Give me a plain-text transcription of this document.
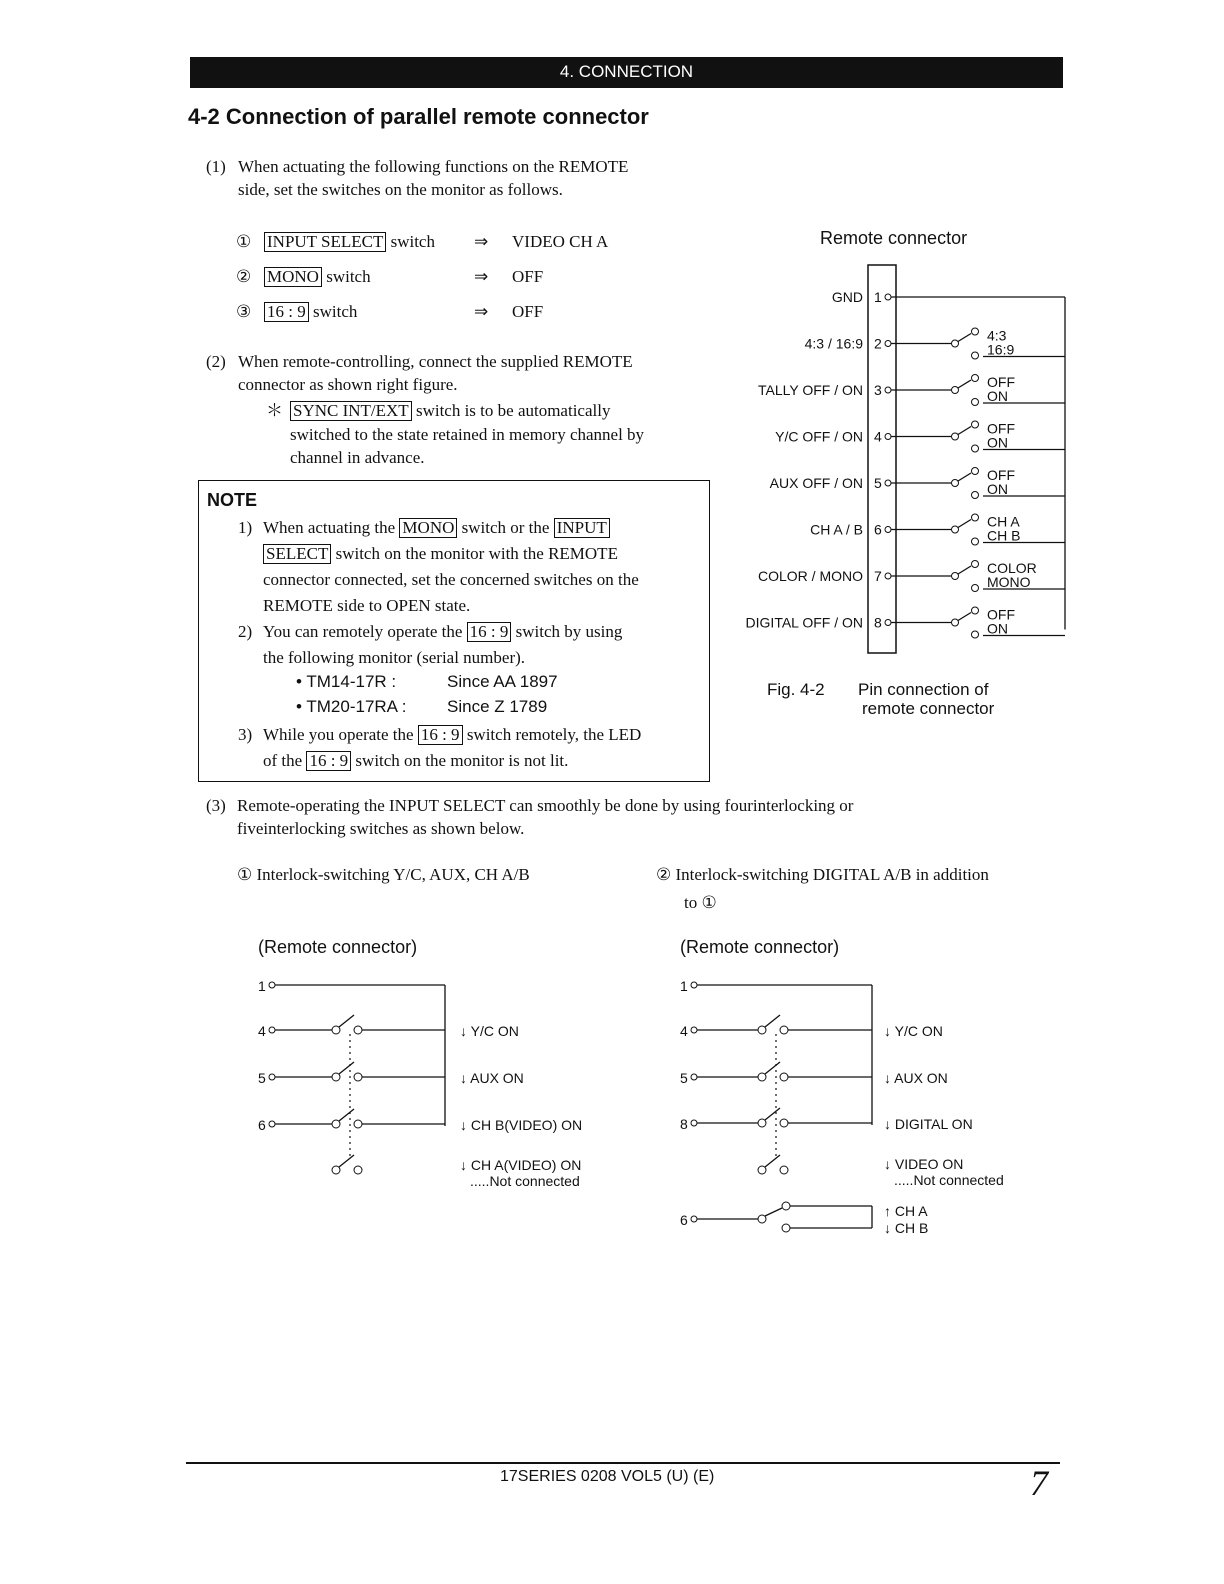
4. CONNECTION
4-2 Connection of parallel remote connector
(1) When actuating the following functions on the REMOTE
side, set the switches on the monitor as follows.
① INPUT SELECT switch ⇒ VIDEO CH A
② MONO switch	⇒ OFF
③ 16 : 9 switch	⇒ OFF
(2) When remote-controlling, connect the supplied REMOTE
connector as shown right figure.
＊ SYNC INT/EXT switch is to be automatically
switched to the state retained in memory channel by
channel in advance.
NOTE
1) When actuating the MONO switch or the INPUT
SELECT switch on the monitor with the REMOTE
connector connected, set the concerned switches on the
REMOTE side to OPEN state.
2) You can remotely operate the 16 : 9 switch by using
the following monitor (serial number).
• TM14-17R :	Since AA 1897
• TM20-17RA : Since Z 1789
3) While you operate the 16 : 9 switch remotely, the LED
of the 16 : 9 switch on the monitor is not lit.
Remote connector
GND 1
4:3 / 16:9 2	4:3
16:9
TALLY OFF / ON 3	OFF
ON
Y/C OFF / ON 4	OFF
ON
AUX OFF / ON 5	OFF
ON
CH A / B 6	CH A
CH B
COLOR / MONO 7	COLOR
MONO
DIGITAL OFF / ON 8	OFF
ON
Fig. 4-2 Pin connection of
remote connector
(3) Remote-operating the INPUT SELECT can smoothly be done by using fourinterlocking or
fiveinterlocking switches as shown below.
① Interlock-switching Y/C, AUX, CH A/B	② Interlock-switching DIGITAL A/B in addition
to ①
(Remote connector)	(Remote connector)
1
4	↓ Y/C ON
5	↓ AUX ON
6	↓ CH B(VIDEO) ON
↓ CH A(VIDEO) ON
.....Not connected
1
4	↓ Y/C ON
5	↓ AUX ON
8	↓ DIGITAL ON
↓ VIDEO ON
.....Not connected
6
↑ CH A
↓ CH B
17SERIES 0208 VOL5 (U) (E)	7
